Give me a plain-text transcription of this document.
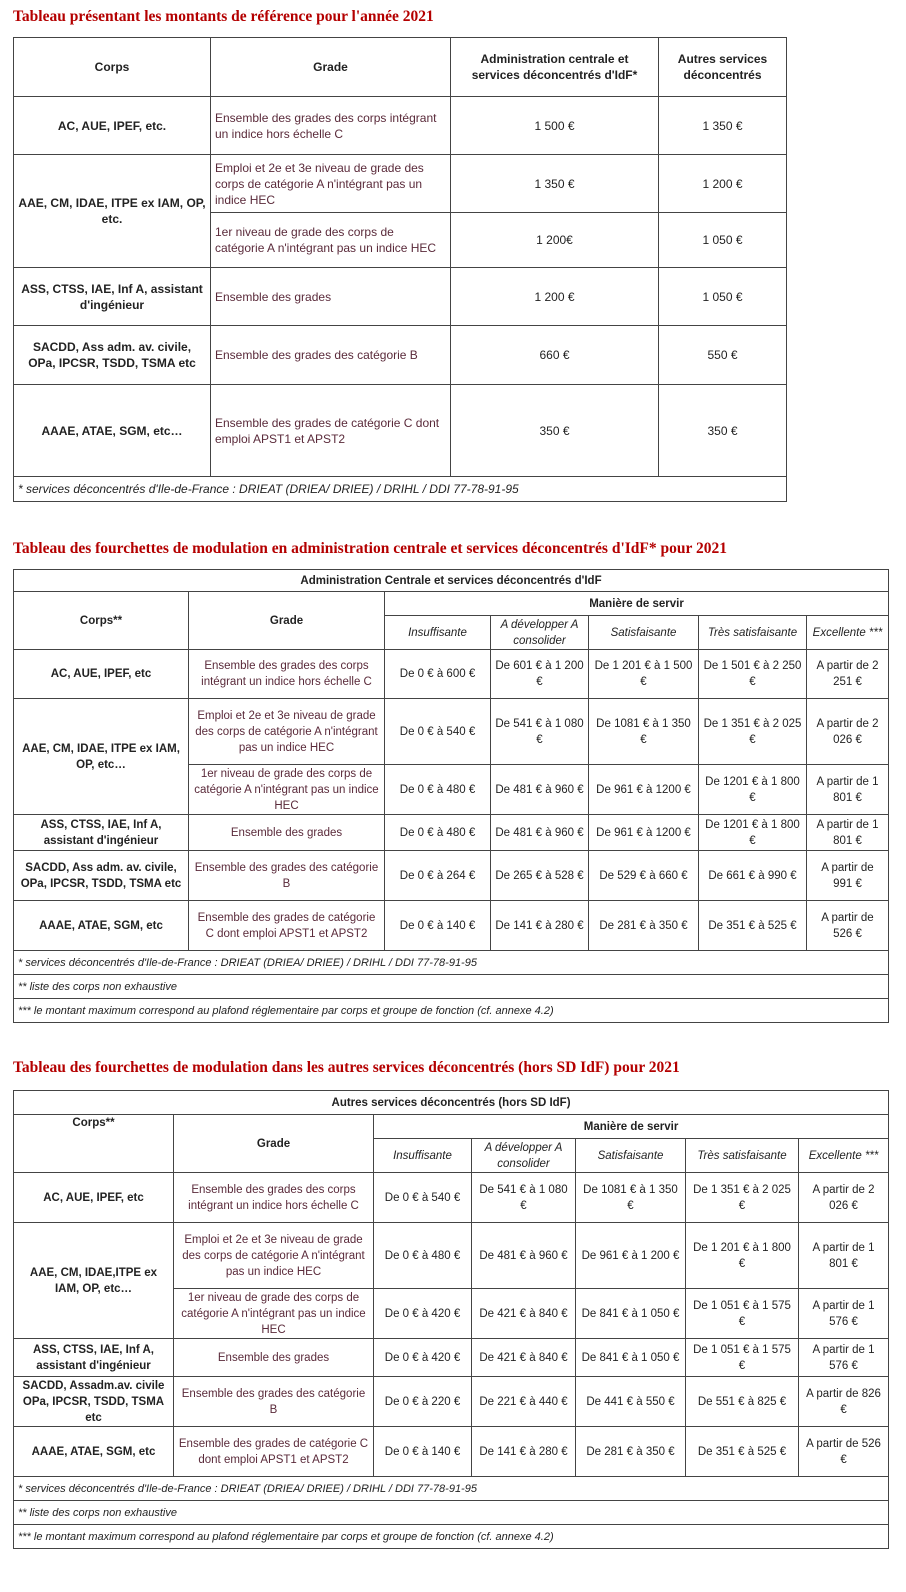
Tableau présentant les montants de référence pour l'année 2021
Corps	Grade	Administration centrale et services déconcentrés d'IdF*	Autres services déconcentrés
AC, AUE, IPEF, etc.	Ensemble des grades des corps intégrant un indice hors échelle C	1 500 €	1 350 €
AAE, CM, IDAE, ITPE ex IAM, OP, etc.	Emploi et 2e et 3e niveau de grade des corps de catégorie A n'intégrant pas un indice HEC	1 350 €	1 200 €
	1er niveau de grade des corps de catégorie A n'intégrant pas un indice HEC	1 200€	1 050 €
ASS, CTSS, IAE, Inf A, assistant d'ingénieur	Ensemble des grades	1 200 €	1 050 €
SACDD, Ass adm. av. civile, OPa, IPCSR, TSDD, TSMA etc	Ensemble des grades des catégorie B	660 €	550 €
AAAE, ATAE, SGM, etc…	Ensemble des grades de catégorie C dont emploi APST1 et APST2	350 €	350 €
* services déconcentrés d'Ile-de-France : DRIEAT (DRIEA/ DRIEE) / DRIHL / DDI 77-78-91-95			
Tableau des fourchettes de modulation en administration centrale et services déconcentrés d'IdF* pour 2021
Administration Centrale et services déconcentrés d'IdF						
Corps**	Grade	Manière de servir				
		Insuffisante	A développer A consolider	Satisfaisante	Très satisfaisante	Excellente ***
AC, AUE, IPEF, etc	Ensemble des grades des corps intégrant un indice hors échelle C	De 0 € à 600 €	De 601 € à 1 200 €	De 1 201 € à 1 500 €	De 1 501 € à 2 250 €	A partir de 2 251 €
AAE, CM, IDAE, ITPE ex IAM, OP, etc…	Emploi et 2e et 3e niveau de grade des corps de catégorie A n'intégrant pas un indice HEC	De 0 € à 540 €	De 541 € à 1 080 €	De 1081 € à 1 350 €	De 1 351 € à 2 025 €	A partir de 2 026 €
	1er niveau de grade des corps de catégorie A n'intégrant pas un indice HEC	De 0 € à 480 €	De 481 € à 960 €	De 961 € à 1200 €	De 1201 € à 1 800 €	A partir de 1 801 €
ASS, CTSS, IAE, Inf A, assistant d'ingénieur	Ensemble des grades	De 0 € à 480 €	De 481 € à 960 €	De 961 € à 1200 €	De 1201 € à 1 800 €	A partir de 1 801 €
SACDD, Ass adm. av. civile, OPa, IPCSR, TSDD, TSMA etc	Ensemble des grades des catégorie B	De 0 € à 264 €	De 265 € à 528 €	De 529 € à 660 €	De 661 € à 990 €	A partir de 991 €
AAAE, ATAE, SGM, etc	Ensemble des grades de catégorie C dont emploi APST1 et APST2	De 0 € à 140 €	De 141 € à 280 €	De 281 € à 350 €	De 351 € à 525 €	A partir de 526 €
* services déconcentrés d'Ile-de-France : DRIEAT (DRIEA/ DRIEE) / DRIHL / DDI 77-78-91-95						
** liste des corps non exhaustive						
*** le montant maximum correspond au plafond réglementaire par corps et groupe de fonction (cf. annexe 4.2)						
Tableau des fourchettes de modulation dans les autres services déconcentrés (hors SD IdF) pour 2021
Autres services déconcentrés (hors SD IdF)						
Corps**	Grade	Manière de servir				
		Insuffisante	A développer A consolider	Satisfaisante	Très satisfaisante	Excellente ***
AC, AUE, IPEF, etc	Ensemble des grades des corps intégrant un indice hors échelle C	De 0 € à 540 €	De 541 € à 1 080 €	De 1081 € à 1 350 €	De 1 351 € à 2 025 €	A partir de 2 026 €
AAE, CM, IDAE,ITPE ex IAM, OP, etc…	Emploi et 2e et 3e niveau de grade des corps de catégorie A n'intégrant pas un indice HEC	De 0 € à 480 €	De 481 € à 960 €	De 961 € à 1 200 €	De 1 201 € à 1 800 €	A partir de 1 801 €
	1er niveau de grade des corps de catégorie A n'intégrant pas un indice HEC	De 0 € à 420 €	De 421 € à 840 €	De 841 € à 1 050 €	De 1 051 € à 1 575 €	A partir de 1 576 €
ASS, CTSS, IAE, Inf A, assistant d'ingénieur	Ensemble des grades	De 0 € à 420 €	De 421 € à 840 €	De 841 € à 1 050 €	De 1 051 € à 1 575 €	A partir de 1 576 €
SACDD, Assadm.av. civile OPa, IPCSR, TSDD, TSMA etc	Ensemble des grades des catégorie B	De 0 € à 220 €	De 221 € à 440 €	De 441 € à 550 €	De 551 € à 825 €	A partir de 826 €
AAAE, ATAE, SGM, etc	Ensemble des grades de catégorie C dont emploi APST1 et APST2	De 0 € à 140 €	De 141 € à 280 €	De 281 € à 350 €	De 351 € à 525 €	A partir de 526 €
* services déconcentrés d'Ile-de-France : DRIEAT (DRIEA/ DRIEE) / DRIHL / DDI 77-78-91-95						
** liste des corps non exhaustive						
*** le montant maximum correspond au plafond réglementaire par corps et groupe de fonction (cf. annexe 4.2)						
